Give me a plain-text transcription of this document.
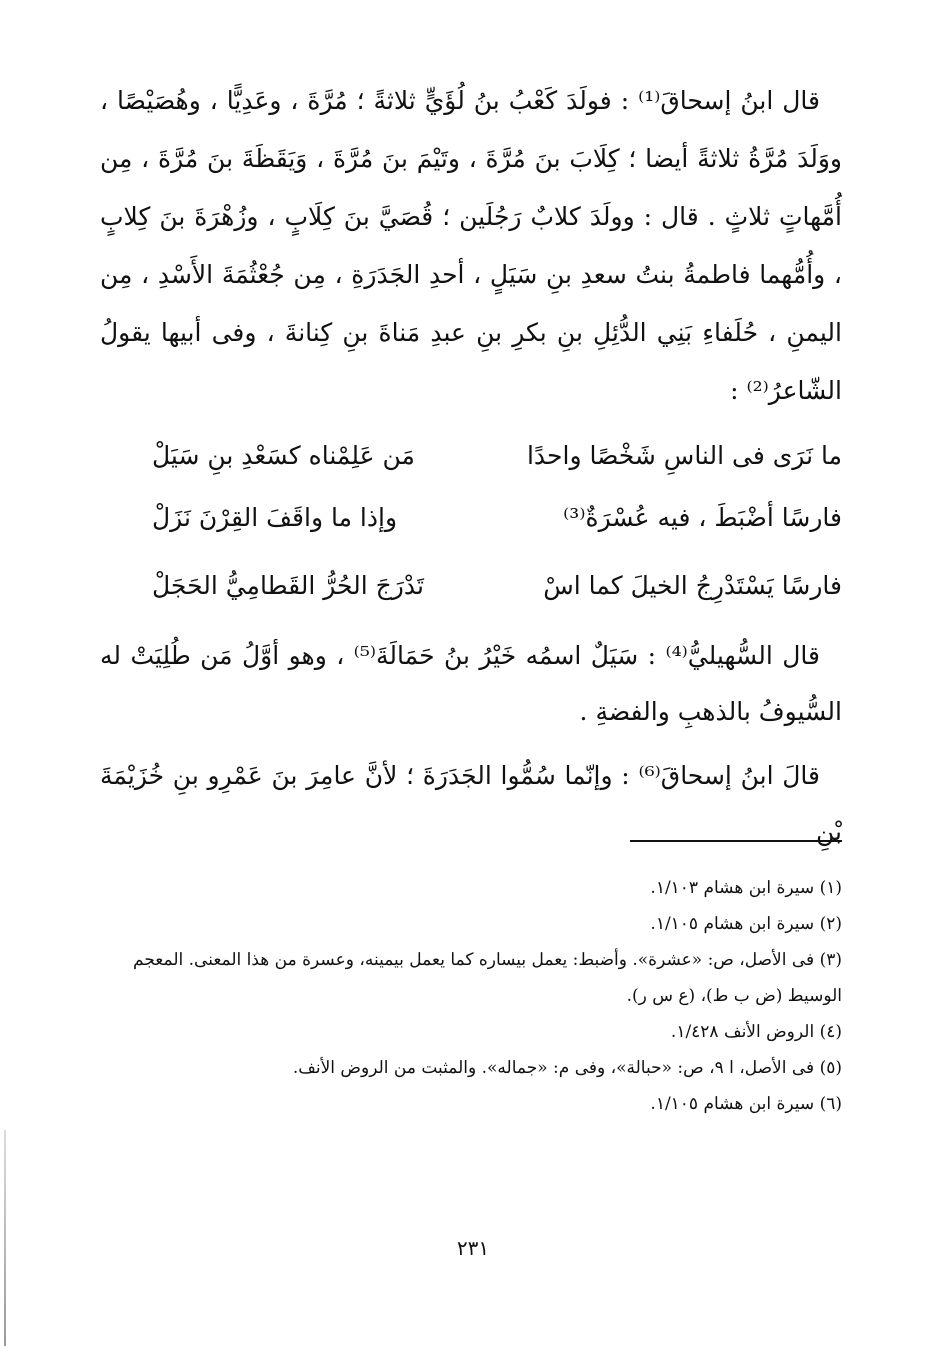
قال ابنُ إسحاقَ⁽¹⁾ : فولَدَ كَعْبُ بنُ لُؤَيٍّ ثلاثةً ؛ مُرَّةَ ، وعَدِيًّا ، وهُصَيْصًا ، ووَلَدَ مُرَّةُ ثلاثةً أيضا ؛ كِلَابَ بنَ مُرَّةَ ، وتَيْمَ بنَ مُرَّةَ ، وَيَقَظَةَ بنَ مُرَّةَ ، مِن أُمَّهاتٍ ثلاثٍ . قال : وولَدَ كلابٌ رَجُلَين ؛ قُصَيَّ بنَ كِلَابٍ ، وزُهْرَةَ بنَ كِلابٍ ، وأُمُّهما فاطمةُ بنتُ سعدِ بنِ سَيَلٍ ، أحدِ الجَدَرَةِ ، مِن جُعْثُمَةَ الأَسْدِ ، مِن اليمنِ ، حُلَفاءِ بَنِي الدُّئِلِ بنِ بكرِ بنِ عبدِ مَناةَ بنِ كِنانةَ ، وفى أبيها يقولُ الشّاعرُ⁽²⁾ :

ما نَرَى فى الناسِ شَخْصًا واحدًا
مَن عَلِمْناه كسَعْدِ بنِ سَيَلْ
فارسًا أضْبَطَ ، فيه عُسْرَةٌ⁽³⁾
وإذا ما واقَفَ القِرْنَ نَزَلْ
فارسًا يَسْتَدْرِجُ الخيلَ كما اسْ
تَدْرَجَ الحُرُّ القَطامِيُّ الحَجَلْ

قال السُّهيليُّ⁽⁴⁾ : سَيَلٌ اسمُه خَيْرُ بنُ حَمَالَةَ⁽⁵⁾ ، وهو أوَّلُ مَن طُلِيَتْ له السُّيوفُ بالذهبِ والفضةِ .

قالَ ابنُ إسحاقَ⁽⁶⁾ : وإنّما سُمُّوا الجَدَرَةَ ؛ لأنَّ عامِرَ بنَ عَمْرِو بنِ خُزَيْمَةَ بْنِ

(١) سيرة ابن هشام ١/١٠٣.

(٢) سيرة ابن هشام ١/١٠٥.

(٣) فى الأصل، ص: «عشرة». وأضبط: يعمل بيساره كما يعمل بيمينه، وعسرة من هذا المعنى. المعجم الوسيط (ض ب ط)، (ع س ر).

(٤) الروض الأنف ١/٤٢٨.

(٥) فى الأصل، ا ٩، ص: «حبالة»، وفى م: «جماله». والمثبت من الروض الأنف.

(٦) سيرة ابن هشام ١/١٠٥.

٢٣١
